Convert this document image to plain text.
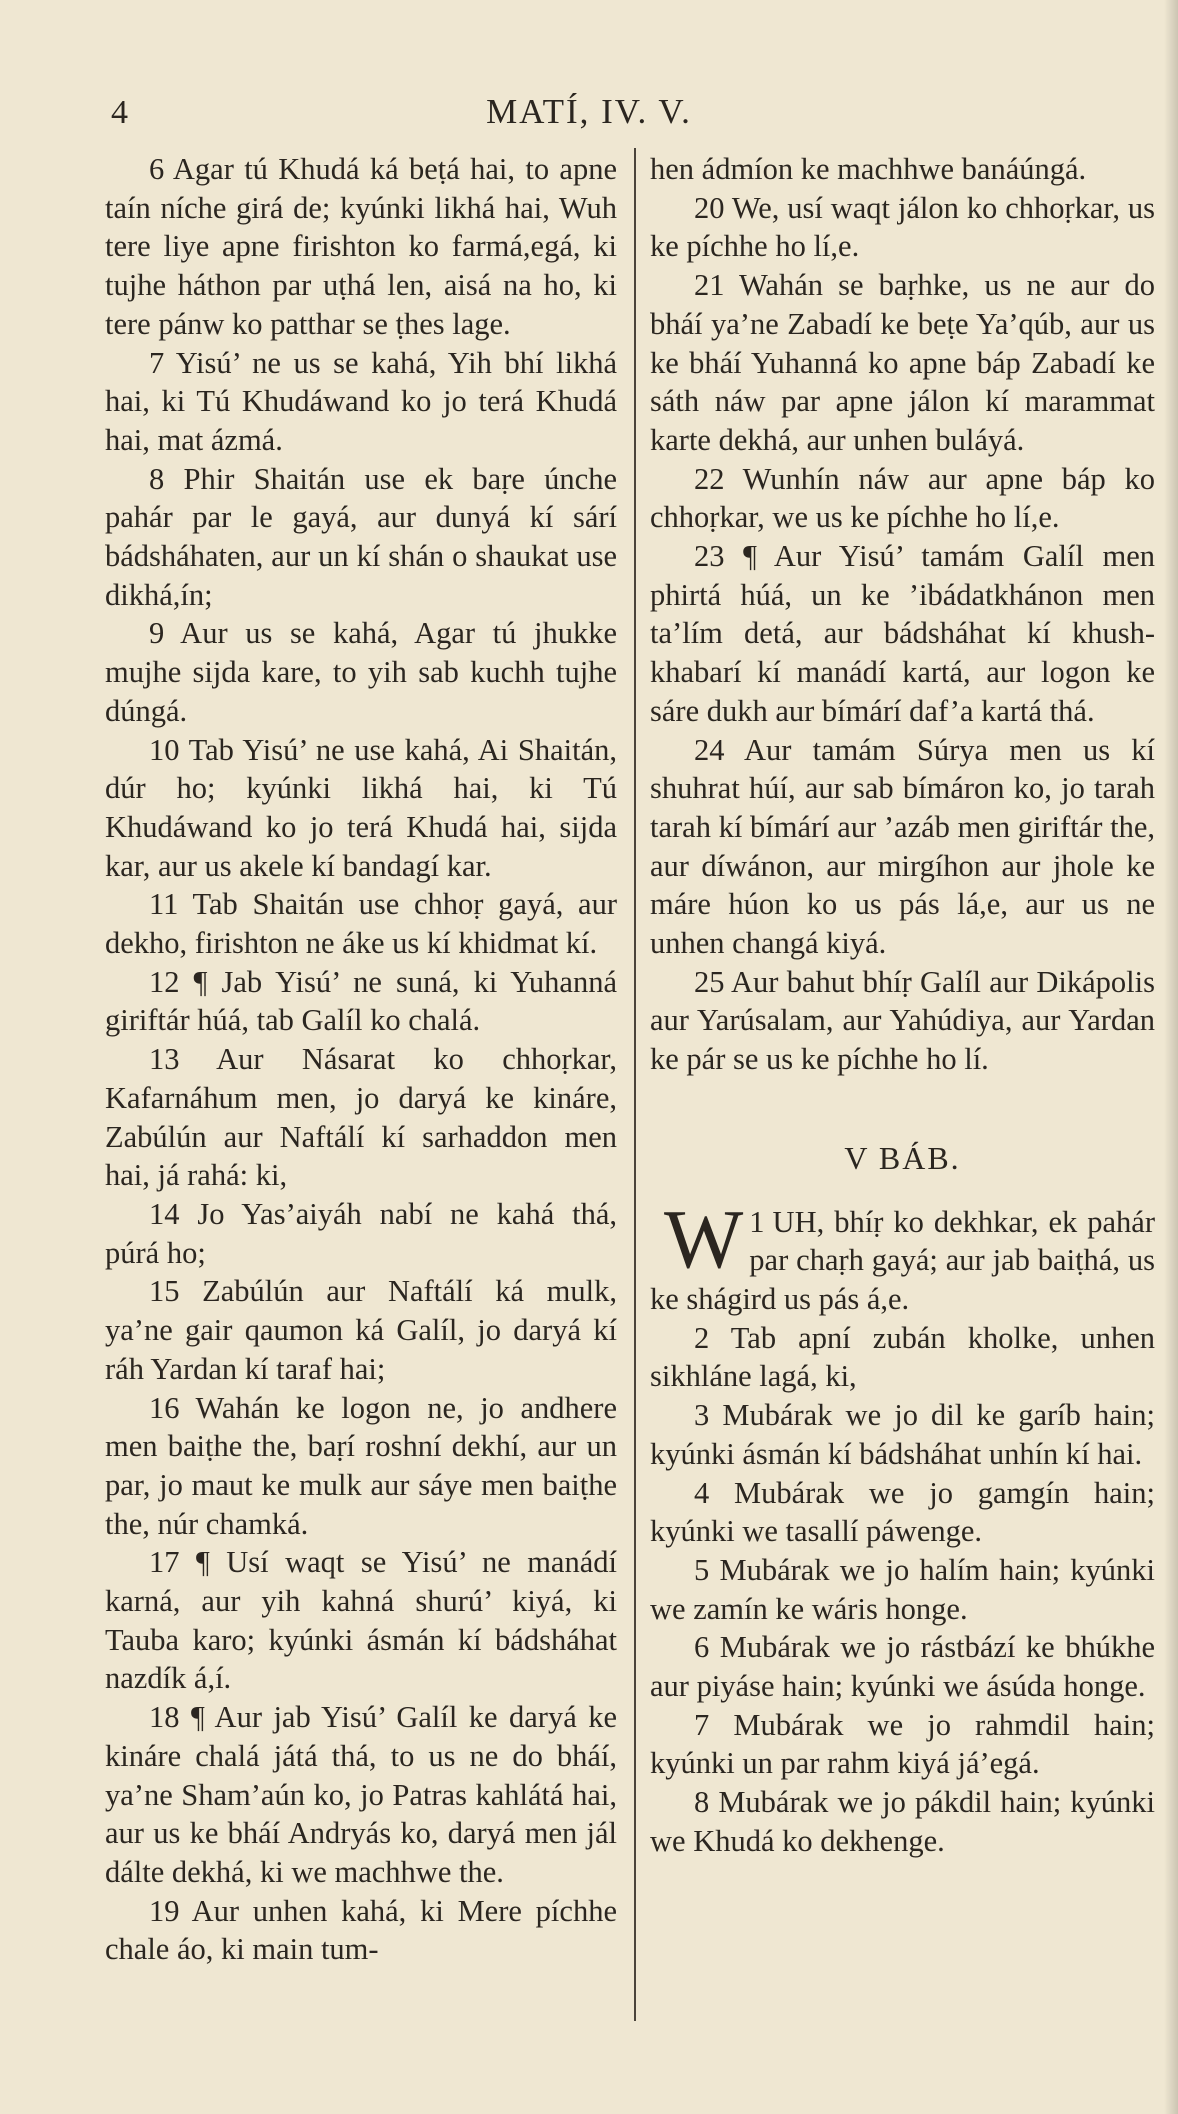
4	MATÍ, IV. V.

6 Agar tú Khudá ká beṭá hai, to apne taín níche girá de; kyúnki likhá hai, Wuh tere liye apne firishton ko farmá,egá, ki tujhe háthon par uṭhá len, aisá na ho, ki tere pánw ko patthar se ṭhes lage.

7 Yisú’ ne us se kahá, Yih bhí likhá hai, ki Tú Khudáwand ko jo terá Khudá hai, mat ázmá.

8 Phir Shaitán use ek baṛe únche pahár par le gayá, aur dunyá kí sárí bádsháhaten, aur un kí shán o shaukat use dikhá,ín;

9 Aur us se kahá, Agar tú jhukke mujhe sijda kare, to yih sab kuchh tujhe dúngá.

10 Tab Yisú’ ne use kahá, Ai Shaitán, dúr ho; kyúnki likhá hai, ki Tú Khudáwand ko jo terá Khudá hai, sijda kar, aur us akele kí bandagí kar.

11 Tab Shaitán use chhoṛ gayá, aur dekho, firishton ne áke us kí khidmat kí.

12 ¶ Jab Yisú’ ne suná, ki Yuhanná giriftár húá, tab Galíl ko chalá.

13 Aur Násarat ko chhoṛkar, Kafarnáhum men, jo daryá ke kináre, Zabúlún aur Naftálí kí sarhaddon men hai, já rahá: ki,

14 Jo Yas’aiyáh nabí ne kahá thá, púrá ho;

15 Zabúlún aur Naftálí ká mulk, ya’ne gair qaumon ká Galíl, jo daryá kí ráh Yardan kí taraf hai;

16 Wahán ke logon ne, jo andhere men baiṭhe the, baṛí roshní dekhí, aur un par, jo maut ke mulk aur sáye men baiṭhe the, núr chamká.

17 ¶ Usí waqt se Yisú’ ne manádí karná, aur yih kahná shurú’ kiyá, ki Tauba karo; kyúnki ásmán kí bádsháhat nazdík á,í.

18 ¶ Aur jab Yisú’ Galíl ke daryá ke kináre chalá játá thá, to us ne do bháí, ya’ne Sham’aún ko, jo Patras kahlátá hai, aur us ke bháí Andryás ko, daryá men jál dálte dekhá, ki we machhwe the.

19 Aur unhen kahá, ki Mere píchhe chale áo, ki main tum-

hen ádmíon ke machhwe banáúngá.

20 We, usí waqt jálon ko chhoṛkar, us ke píchhe ho lí,e.

21 Wahán se baṛhke, us ne aur do bháí ya’ne Zabadí ke beṭe Ya’qúb, aur us ke bháí Yuhanná ko apne báp Zabadí ke sáth náw par apne jálon kí marammat karte dekhá, aur unhen buláyá.

22 Wunhín náw aur apne báp ko chhoṛkar, we us ke píchhe ho lí,e.

23 ¶ Aur Yisú’ tamám Galíl men phirtá húá, un ke ’ibádatkhánon men ta’lím detá, aur bádsháhat kí khush-khabarí kí manádí kartá, aur logon ke sáre dukh aur bímárí daf’a kartá thá.

24 Aur tamám Súrya men us kí shuhrat húí, aur sab bímáron ko, jo tarah tarah kí bímárí aur ’azáb men giriftár the, aur díwánon, aur mirgíhon aur jhole ke máre húon ko us pás lá,e, aur us ne unhen changá kiyá.

25 Aur bahut bhíṛ Galíl aur Dikápolis aur Yarúsalam, aur Yahúdiya, aur Yardan ke pár se us ke píchhe ho lí.

V BÁB.

1
W UH, bhíṛ ko dekhkar, ek pahár par chaṛh gayá; aur jab baiṭhá, us ke shágird us pás á,e.

2 Tab apní zubán kholke, unhen sikhláne lagá, ki,

3 Mubárak we jo dil ke garíb hain; kyúnki ásmán kí bádsháhat unhín kí hai.

4 Mubárak we jo gamgín hain; kyúnki we tasallí páwenge.

5 Mubárak we jo halím hain; kyúnki we zamín ke wáris honge.

6 Mubárak we jo rástbází ke bhúkhe aur piyáse hain; kyúnki we ásúda honge.

7 Mubárak we jo rahmdil hain; kyúnki un par rahm kiyá já’egá.

8 Mubárak we jo pákdil hain; kyúnki we Khudá ko dekhenge.
